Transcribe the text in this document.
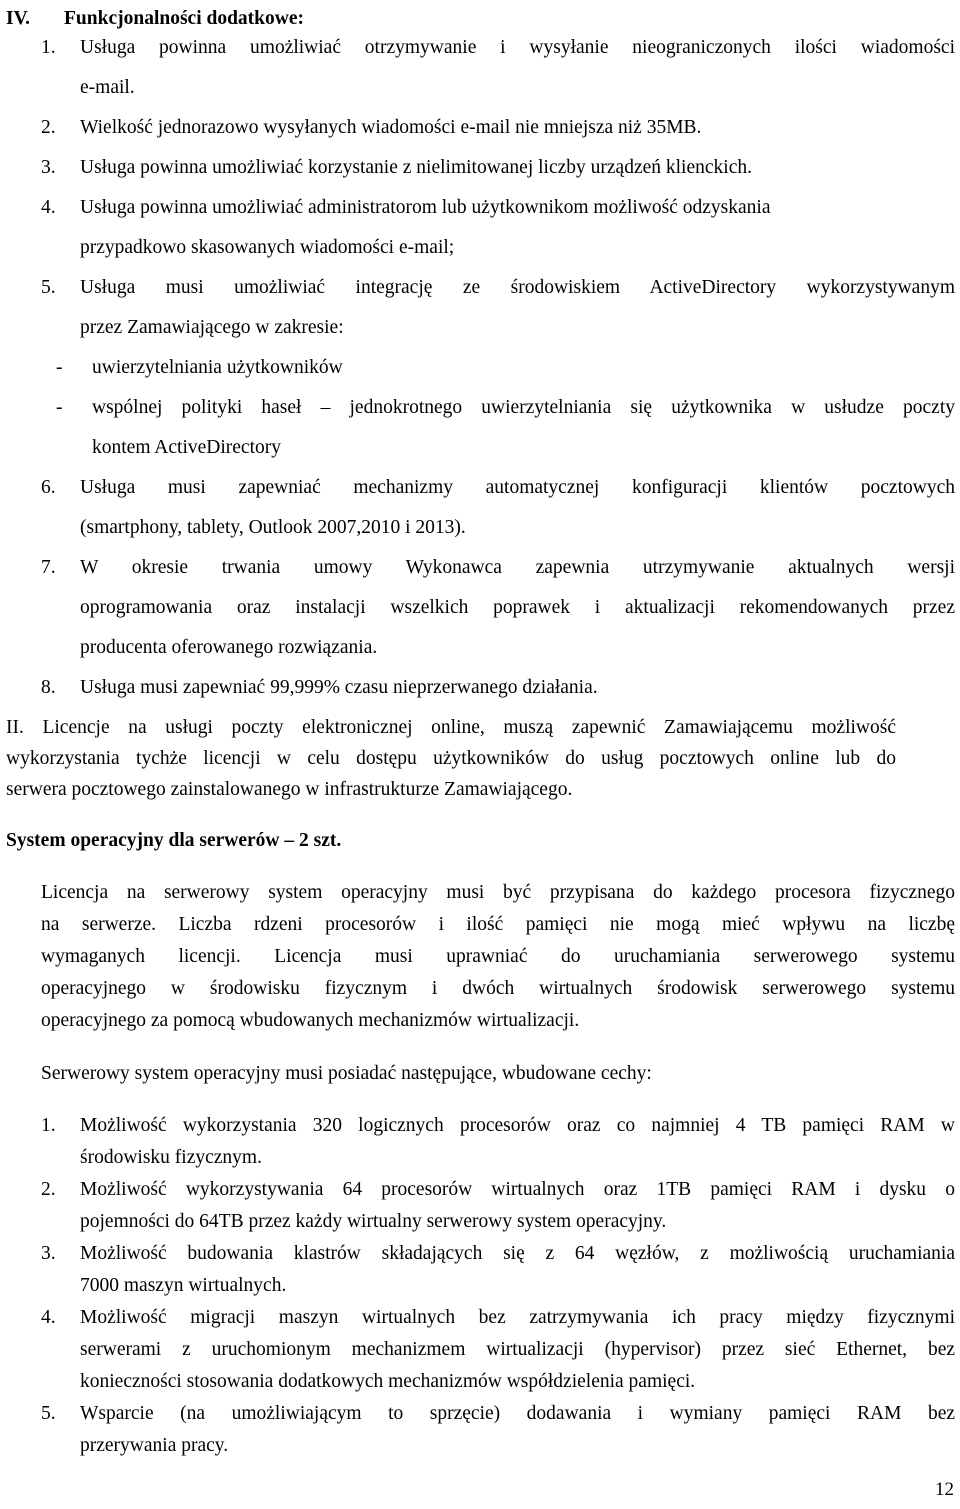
IV. Funkcjonalności dodatkowe:
1. Usługa powinna umożliwiać otrzymywanie i wysyłanie nieograniczonych ilości wiadomości
e-mail.
2. Wielkość jednorazowo wysyłanych wiadomości e-mail nie mniejsza niż 35MB.
3. Usługa powinna umożliwiać korzystanie z nielimitowanej liczby urządzeń klienckich.
4. Usługa powinna umożliwiać administratorom lub użytkownikom możliwość odzyskania
przypadkowo skasowanych wiadomości e-mail;
5. Usługa musi umożliwiać integrację ze środowiskiem ActiveDirectory wykorzystywanym
przez Zamawiającego w zakresie:
- uwierzytelniania użytkowników
- wspólnej polityki haseł – jednokrotnego uwierzytelniania się użytkownika w usłudze poczty
kontem ActiveDirectory
6. Usługa musi zapewniać mechanizmy automatycznej konfiguracji klientów pocztowych
(smartphony, tablety, Outlook 2007,2010 i 2013).
7. W okresie trwania umowy Wykonawca zapewnia utrzymywanie aktualnych wersji
oprogramowania oraz instalacji wszelkich poprawek i aktualizacji rekomendowanych przez
producenta oferowanego rozwiązania.
8. Usługa musi zapewniać 99,999% czasu nieprzerwanego działania.
II. Licencje na usługi poczty elektronicznej online, muszą zapewnić Zamawiającemu możliwość
wykorzystania tychże licencji w celu dostępu użytkowników do usług pocztowych online lub do
serwera pocztowego zainstalowanego w infrastrukturze Zamawiającego.
System operacyjny dla serwerów – 2 szt.
Licencja na serwerowy system operacyjny musi być przypisana do każdego procesora fizycznego
na serwerze. Liczba rdzeni procesorów i ilość pamięci nie mogą mieć wpływu na liczbę
wymaganych licencji. Licencja musi uprawniać do uruchamiania serwerowego systemu
operacyjnego w środowisku fizycznym i dwóch wirtualnych środowisk serwerowego systemu
operacyjnego za pomocą wbudowanych mechanizmów wirtualizacji.
Serwerowy system operacyjny musi posiadać następujące, wbudowane cechy:
1. Możliwość wykorzystania 320 logicznych procesorów oraz co najmniej 4 TB pamięci RAM w
środowisku fizycznym.
2. Możliwość wykorzystywania 64 procesorów wirtualnych oraz 1TB pamięci RAM i dysku o
pojemności do 64TB przez każdy wirtualny serwerowy system operacyjny.
3. Możliwość budowania klastrów składających się z 64 węzłów, z możliwością uruchamiania
7000 maszyn wirtualnych.
4. Możliwość migracji maszyn wirtualnych bez zatrzymywania ich pracy między fizycznymi
serwerami z uruchomionym mechanizmem wirtualizacji (hypervisor) przez sieć Ethernet, bez
konieczności stosowania dodatkowych mechanizmów współdzielenia pamięci.
5. Wsparcie (na umożliwiającym to sprzęcie) dodawania i wymiany pamięci RAM bez
przerywania pracy.
12
